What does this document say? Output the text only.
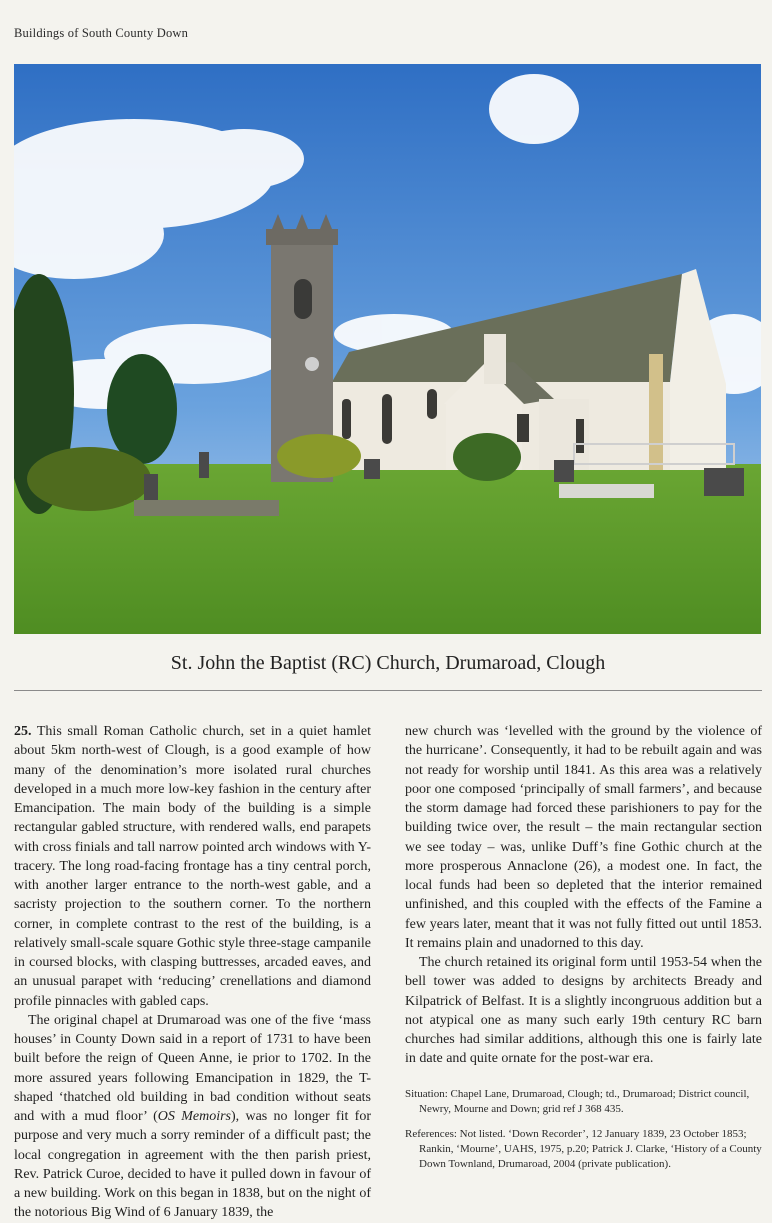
Buildings of South County Down
St. John the Baptist (RC) Church, Drumaroad, Clough

25. This small Roman Catholic church, set in a quiet hamlet about 5km north-west of Clough, is a good example of how many of the denomination’s more isolated rural churches developed in a much more low-key fashion in the century after Emancipation. The main body of the building is a simple rectangular gabled structure, with rendered walls, end parapets with cross finials and tall narrow pointed arch windows with Y-tracery. The long road-facing frontage has a tiny central porch, with another larger entrance to the north-west gable, and a sacristy projection to the southern corner. To the northern corner, in complete contrast to the rest of the building, is a relatively small-scale square Gothic style three-stage campanile in coursed blocks, with clasping buttresses, arcaded eaves, and an unusual parapet with ‘reducing’ crenellations and diamond profile pinnacles with gabled caps.

The original chapel at Drumaroad was one of the five ‘mass houses’ in County Down said in a report of 1731 to have been built before the reign of Queen Anne, ie prior to 1702. In the more assured years following Emancipation in 1829, the T-shaped ‘thatched old building in bad condition without seats and with a mud floor’ (OS Memoirs), was no longer fit for purpose and very much a sorry reminder of a difficult past; the local congregation in agreement with the then parish priest, Rev. Patrick Curoe, decided to have it pulled down in favour of a new building. Work on this began in 1838, but on the night of the notorious Big Wind of 6 January 1839, the

new church was ‘levelled with the ground by the violence of the hurricane’. Consequently, it had to be rebuilt again and was not ready for worship until 1841. As this area was a relatively poor one composed ‘principally of small farmers’, and because the storm damage had forced these parishioners to pay for the building twice over, the result – the main rectangular section we see today – was, unlike Duff’s fine Gothic church at the more prosperous Annaclone (26), a modest one. In fact, the local funds had been so depleted that the interior remained unfinished, and this coupled with the effects of the Famine a few years later, meant that it was not fully fitted out until 1853. It remains plain and unadorned to this day.

The church retained its original form until 1953-54 when the bell tower was added to designs by architects Bready and Kilpatrick of Belfast. It is a slightly incongruous addition but a not atypical one as many such early 19th century RC barn churches had similar additions, although this one is fairly late in date and quite ornate for the post-war era.

Situation: Chapel Lane, Drumaroad, Clough; td., Drumaroad; District council, Newry, Mourne and Down; grid ref J 368 435.
References: Not listed. ‘Down Recorder’, 12 January 1839, 23 October 1853; Rankin, ‘Mourne’, UAHS, 1975, p.20; Patrick J. Clarke, ‘History of a County Down Townland, Drumaroad, 2004 (private publication).
